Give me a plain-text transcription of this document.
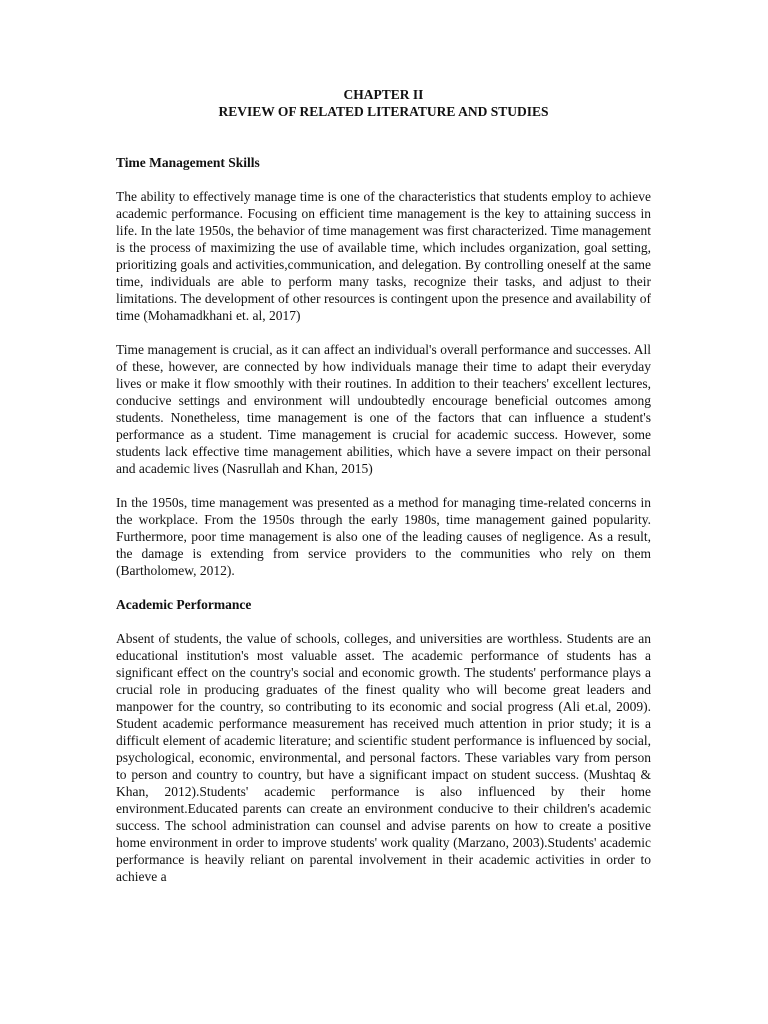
CHAPTER II

REVIEW OF RELATED LITERATURE AND STUDIES

Time Management Skills

The ability to effectively manage time is one of the characteristics that students employ to achieve academic performance. Focusing on efficient time management is the key to attaining success in life. In the late 1950s, the behavior of time management was first characterized. Time management is the process of maximizing the use of available time, which includes organization, goal setting, prioritizing goals and activities,communication, and delegation. By controlling oneself at the same time, individuals are able to perform many tasks, recognize their tasks, and adjust to their limitations. The development of other resources is contingent upon the presence and availability of time (Mohamadkhani et. al, 2017)

Time management is crucial, as it can affect an individual's overall performance and successes. All of these, however, are connected by how individuals manage their time to adapt their everyday lives or make it flow smoothly with their routines. In addition to their teachers' excellent lectures, conducive settings and environment will undoubtedly encourage beneficial outcomes among students. Nonetheless, time management is one of the factors that can influence a student's performance as a student. Time management is crucial for academic success. However, some students lack effective time management abilities, which have a severe impact on their personal and academic lives (Nasrullah and Khan, 2015)

In the 1950s, time management was presented as a method for managing time-related concerns in the workplace. From the 1950s through the early 1980s, time management gained popularity. Furthermore, poor time management is also one of the leading causes of negligence. As a result, the damage is extending from service providers to the communities who rely on them (Bartholomew, 2012).

Academic Performance

Absent of students, the value of schools, colleges, and universities are worthless. Students are an educational institution's most valuable asset. The academic performance of students has a significant effect on the country's social and economic growth. The students' performance plays a crucial role in producing graduates of the finest quality who will become great leaders and manpower for the country, so contributing to its economic and social progress (Ali et.al, 2009). Student academic performance measurement has received much attention in prior study; it is a difficult element of academic literature; and scientific student performance is influenced by social, psychological, economic, environmental, and personal factors. These variables vary from person to person and country to country, but have a significant impact on student success. (Mushtaq & Khan, 2012).Students' academic performance is also influenced by their home environment.Educated parents can create an environment conducive to their children's academic success. The school administration can counsel and advise parents on how to create a positive home environment in order to improve students' work quality (Marzano, 2003).Students' academic performance is heavily reliant on parental involvement in their academic activities in order to achieve a
